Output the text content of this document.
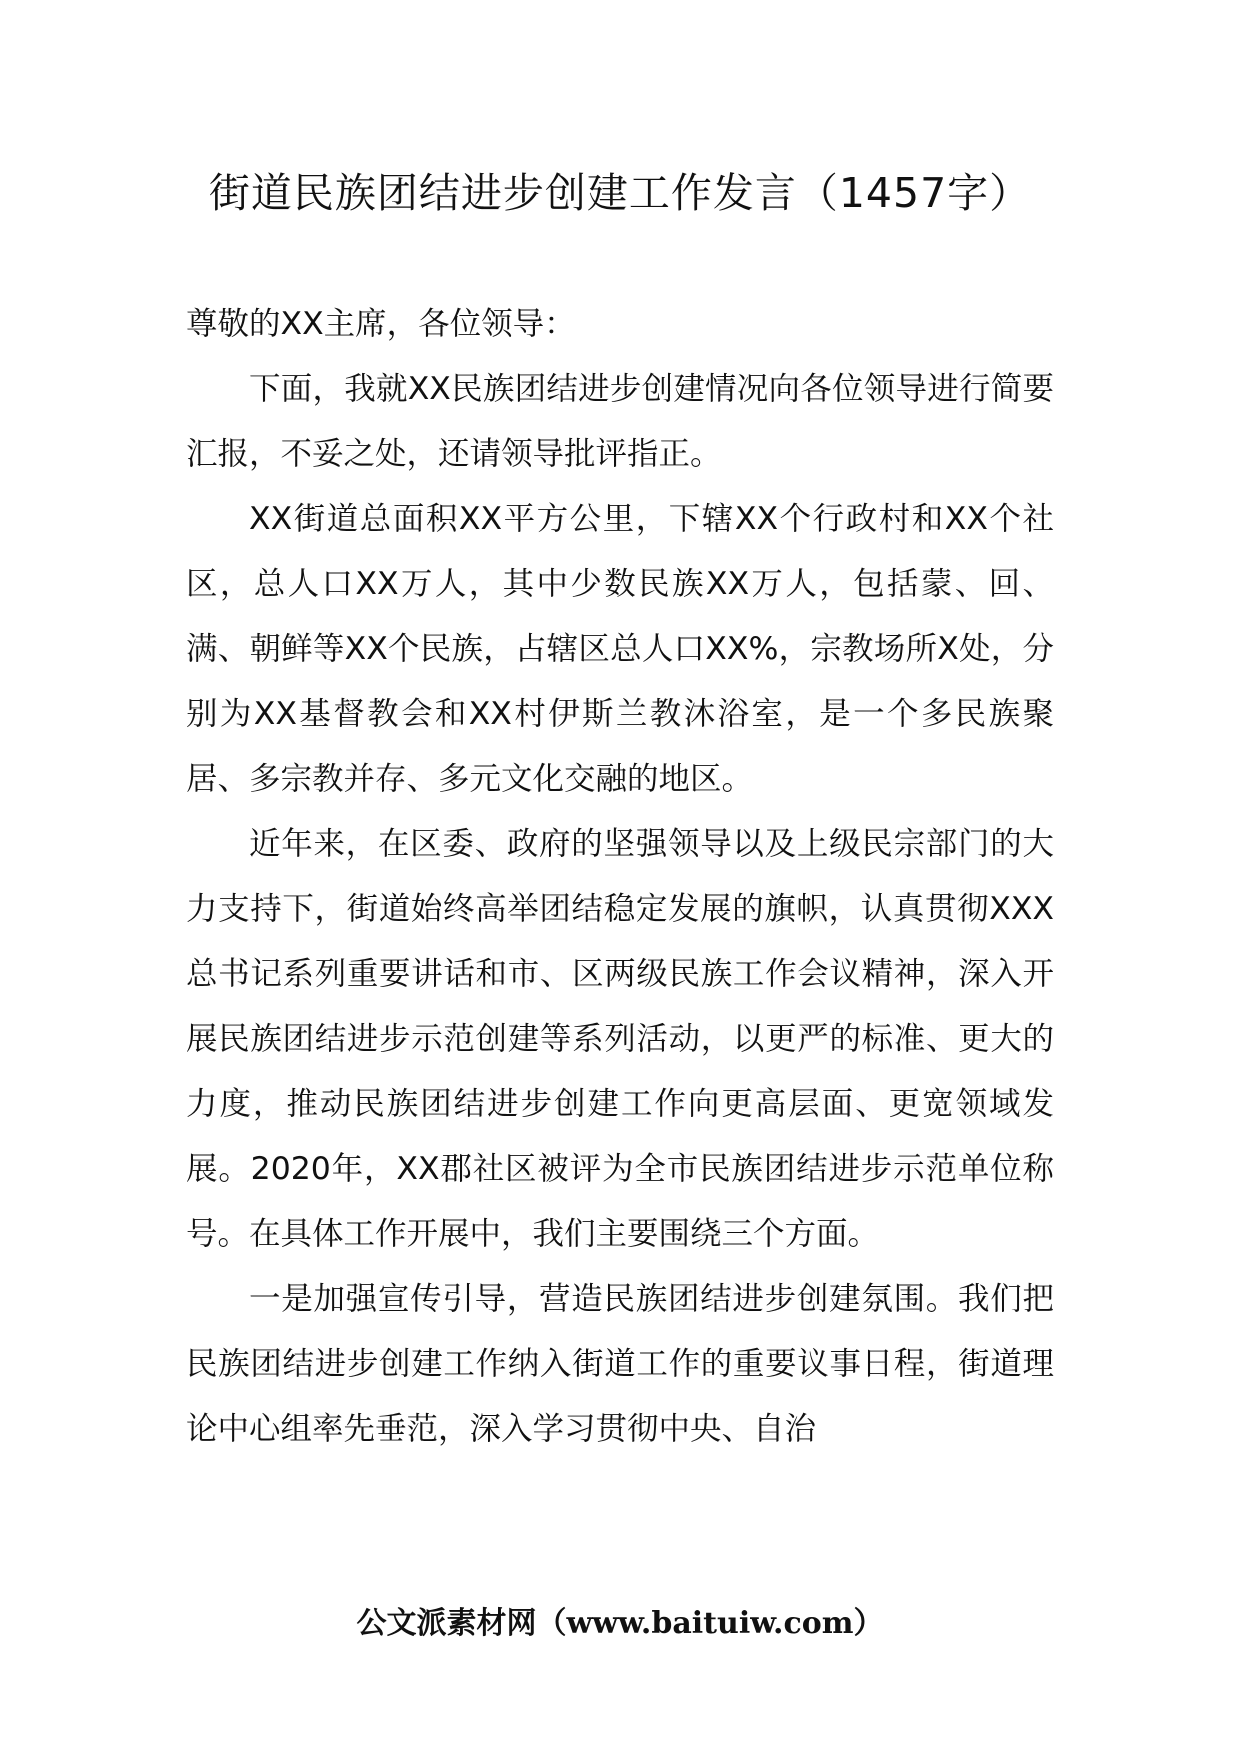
街道民族团结进步创建工作发言（1457字）

尊敬的XX主席，各位领导：

下面，我就XX民族团结进步创建情况向各位领导进行简要汇报，不妥之处，还请领导批评指正。

XX街道总面积XX平方公里，下辖XX个行政村和XX个社区，总人口XX万人，其中少数民族XX万人，包括蒙、回、满、朝鲜等XX个民族，占辖区总人口XX%，宗教场所X处，分别为XX基督教会和XX村伊斯兰教沐浴室，是一个多民族聚居、多宗教并存、多元文化交融的地区。

近年来，在区委、政府的坚强领导以及上级民宗部门的大力支持下，街道始终高举团结稳定发展的旗帜，认真贯彻XXX总书记系列重要讲话和市、区两级民族工作会议精神，深入开展民族团结进步示范创建等系列活动，以更严的标准、更大的力度，推动民族团结进步创建工作向更高层面、更宽领域发展。2020年，XX郡社区被评为全市民族团结进步示范单位称号。在具体工作开展中，我们主要围绕三个方面。

一是加强宣传引导，营造民族团结进步创建氛围。我们把民族团结进步创建工作纳入街道工作的重要议事日程，街道理论中心组率先垂范，深入学习贯彻中央、自治

公文派素材网（www.baituiw.com）
